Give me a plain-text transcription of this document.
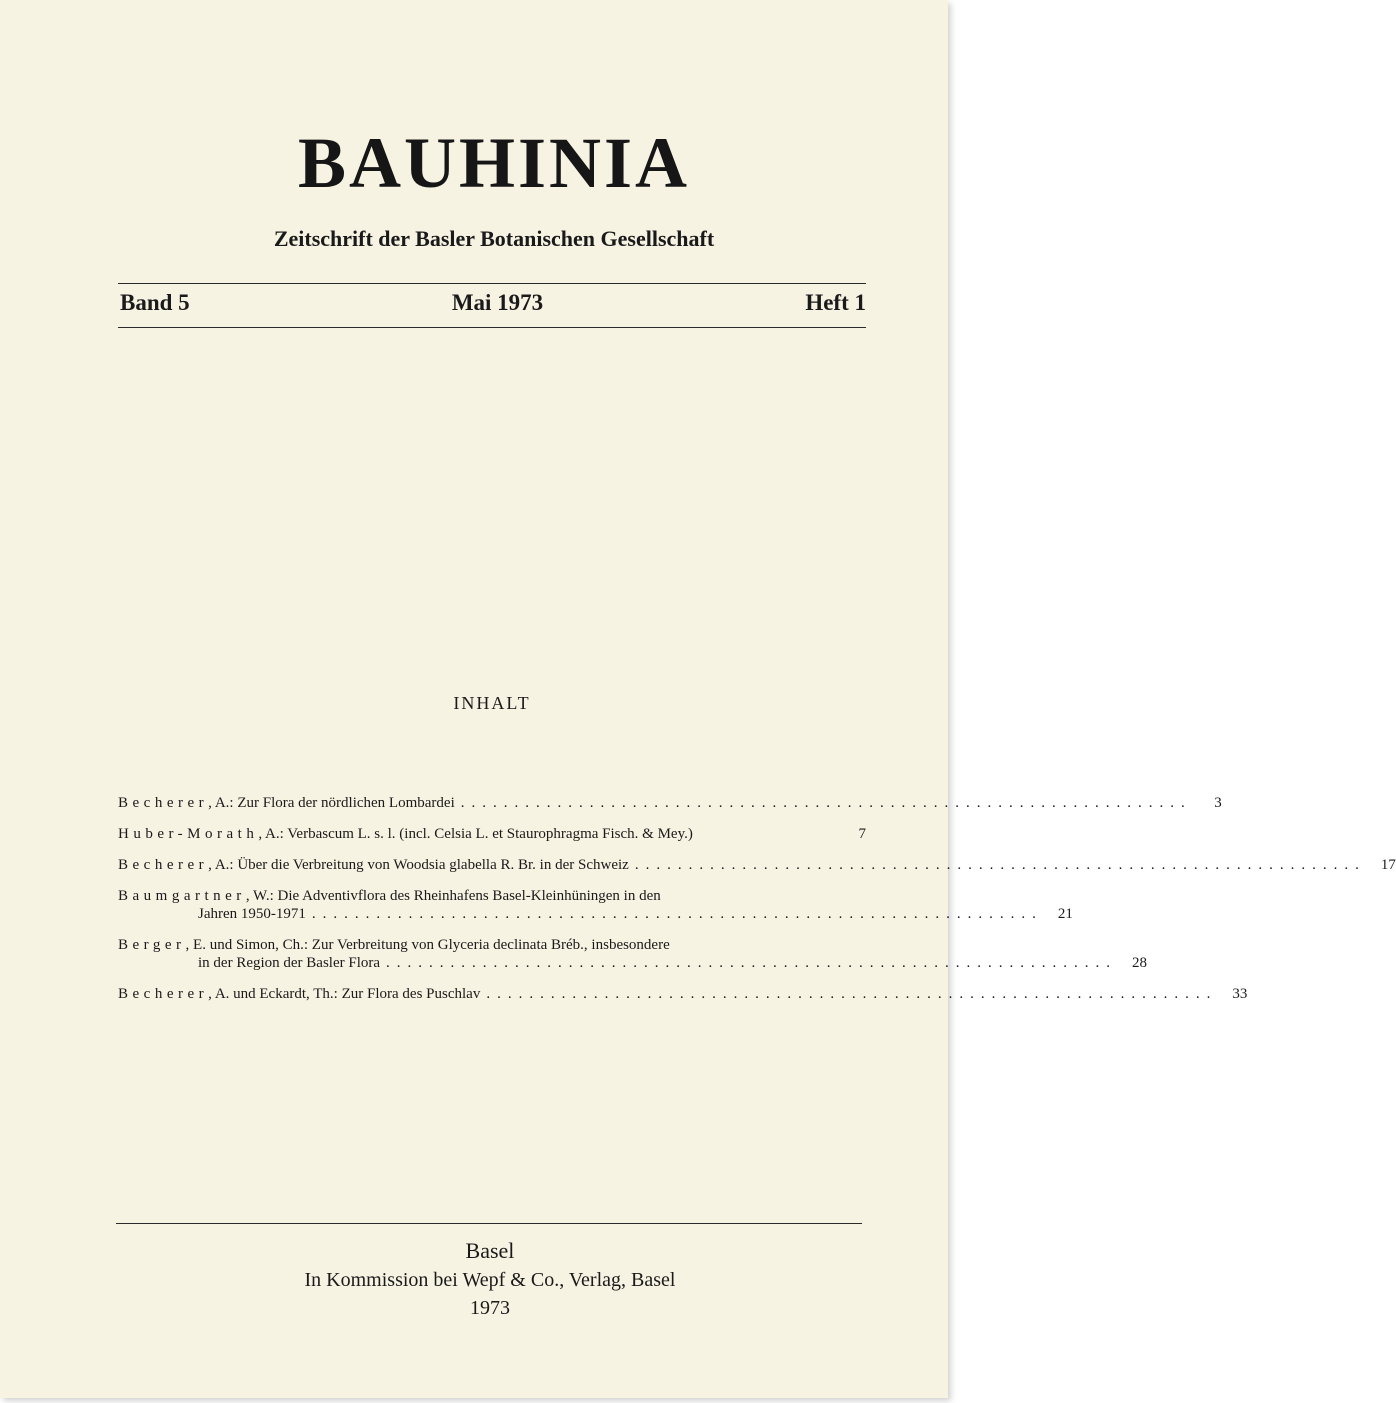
BAUHINIA
Zeitschrift der Basler Botanischen Gesellschaft
Band 5	Mai 1973	Heft 1
INHALT
Becherer, A.: Zur Flora der nördlichen Lombardei ....................................................................	3
Huber-Morath, A.: Verbascum L. s. l. (incl. Celsia L. et Staurophragma Fisch. & Mey.)	7
Becherer, A.: Über die Verbreitung von Woodsia glabella R. Br. in der Schweiz ....................................................................	17
Baumgartner, W.: Die Adventivflora des Rheinhafens Basel-Kleinhüningen in den
Jahren 1950-1971 ....................................................................	21
Berger, E. und Simon, Ch.: Zur Verbreitung von Glyceria declinata Bréb., insbesondere
in der Region der Basler Flora ....................................................................	28
Becherer, A. und Eckardt, Th.: Zur Flora des Puschlav ....................................................................	33
Basel
In Kommission bei Wepf & Co., Verlag, Basel
1973
